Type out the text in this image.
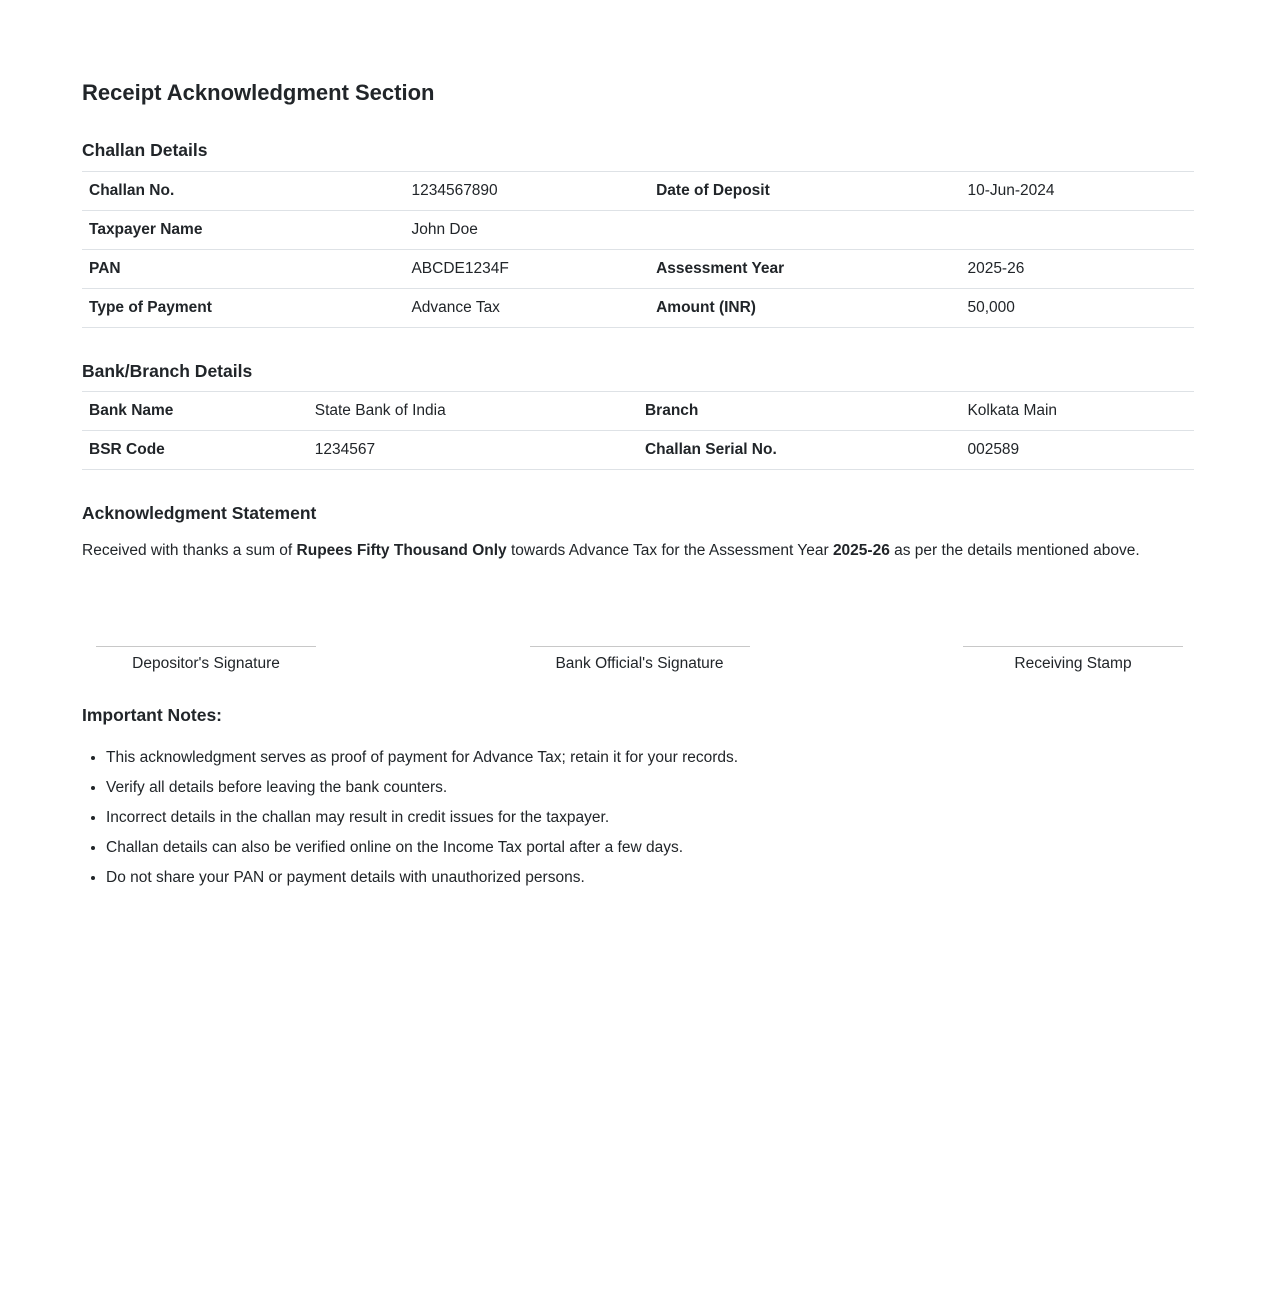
Receipt Acknowledgment Section
Challan Details
Challan No.	1234567890	Date of Deposit	10-Jun-2024
Taxpayer Name	John Doe		
PAN	ABCDE1234F	Assessment Year	2025-26
Type of Payment	Advance Tax	Amount (INR)	50,000
Bank/Branch Details
Bank Name	State Bank of India	Branch	Kolkata Main
BSR Code	1234567	Challan Serial No.	002589
Acknowledgment Statement

Received with thanks a sum of Rupees Fifty Thousand Only towards Advance Tax for the Assessment Year 2025-26 as per the details mentioned above.

Depositor's Signature	Bank Official's Signature	Receiving Stamp
Important Notes:
• This acknowledgment serves as proof of payment for Advance Tax; retain it for your records.
• Verify all details before leaving the bank counters.
• Incorrect details in the challan may result in credit issues for the taxpayer.
• Challan details can also be verified online on the Income Tax portal after a few days.
• Do not share your PAN or payment details with unauthorized persons.
